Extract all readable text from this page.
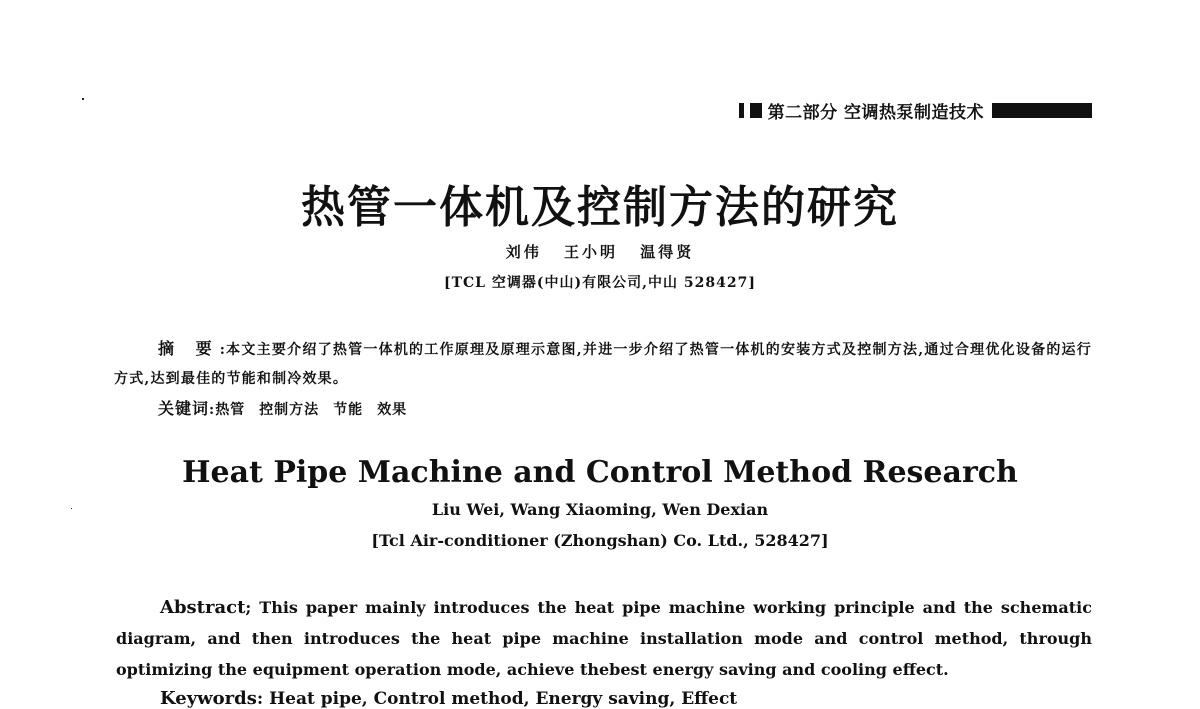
第二部分 空调热泵制造技术
热管一体机及控制方法的研究
刘伟 王小明 温得贤
[TCL 空调器(中山)有限公司,中山 528427]
摘 要:本文主要介绍了热管一体机的工作原理及原理示意图,并进一步介绍了热管一体机的安装方式及控制方法,通过合理优化设备的运行方式,达到最佳的节能和制冷效果。
关键词:热管 控制方法 节能 效果
Heat Pipe Machine and Control Method Research
Liu Wei, Wang Xiaoming, Wen Dexian
[Tcl Air-conditioner (Zhongshan) Co. Ltd., 528427]
Abstract; This paper mainly introduces the heat pipe machine working principle and the schematic diagram, and then introduces the heat pipe machine installation mode and control method, through optimizing the equipment operation mode, achieve thebest energy saving and cooling effect.
Keywords: Heat pipe, Control method, Energy saving, Effect
